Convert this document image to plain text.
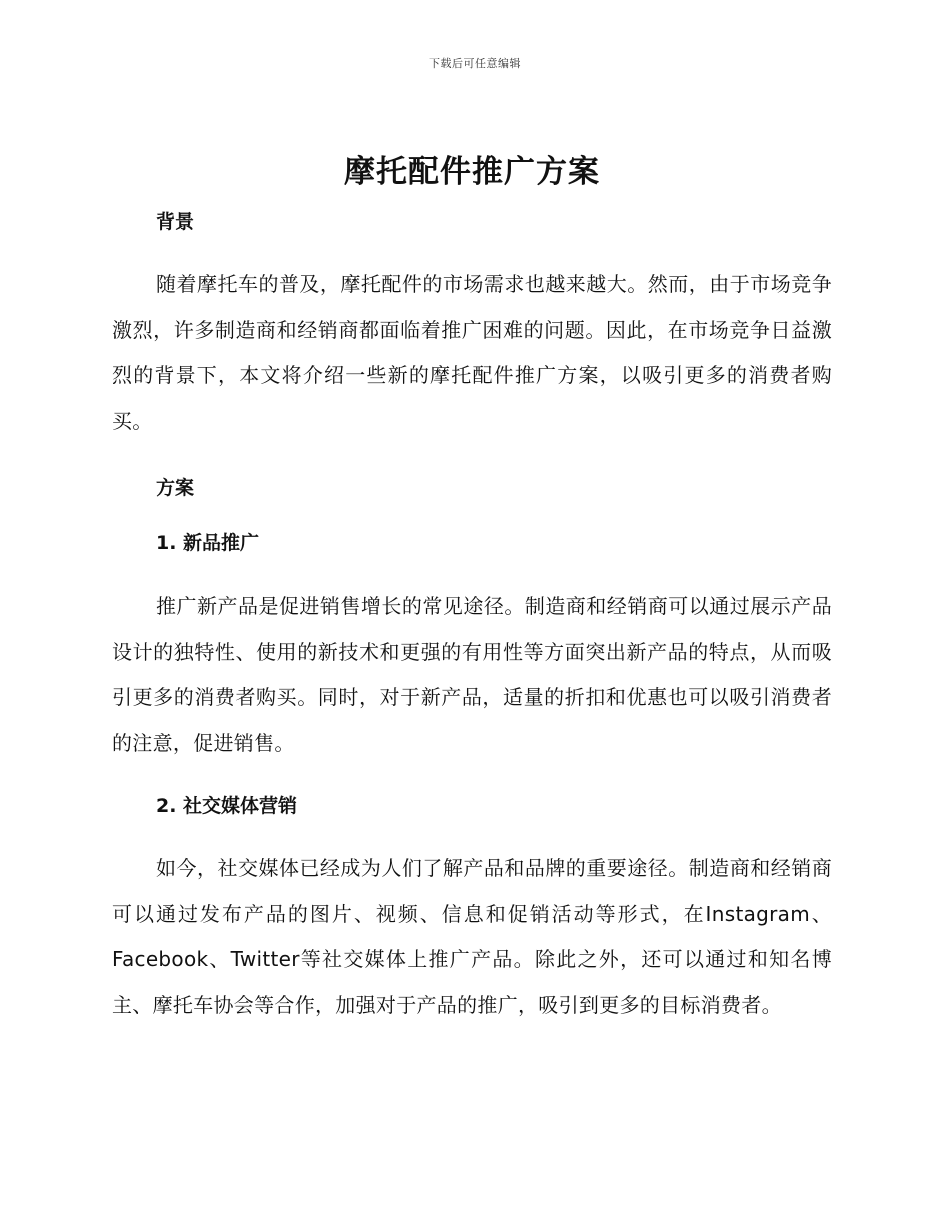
下载后可任意编辑
摩托配件推广方案
背景

随着摩托车的普及，摩托配件的市场需求也越来越大。然而，由于市场竞争激烈，许多制造商和经销商都面临着推广困难的问题。因此，在市场竞争日益激烈的背景下，本文将介绍一些新的摩托配件推广方案，以吸引更多的消费者购买。

方案
1. 新品推广

推广新产品是促进销售增长的常见途径。制造商和经销商可以通过展示产品设计的独特性、使用的新技术和更强的有用性等方面突出新产品的特点，从而吸引更多的消费者购买。同时，对于新产品，适量的折扣和优惠也可以吸引消费者的注意，促进销售。

2. 社交媒体营销

如今，社交媒体已经成为人们了解产品和品牌的重要途径。制造商和经销商可以通过发布产品的图片、视频、信息和促销活动等形式，在Instagram、Facebook、Twitter等社交媒体上推广产品。除此之外，还可以通过和知名博主、摩托车协会等合作，加强对于产品的推广，吸引到更多的目标消费者。
